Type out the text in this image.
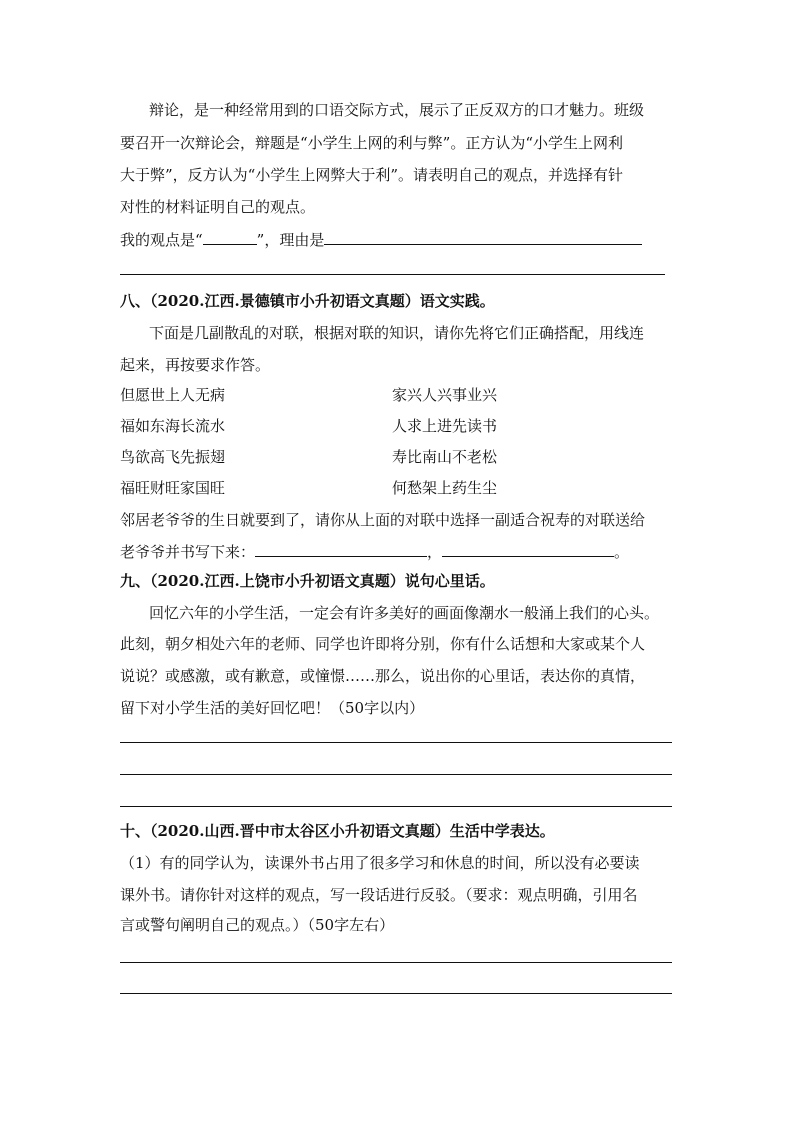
辩论，是一种经常用到的口语交际方式，展示了正反双方的口才魅力。班级
要召开一次辩论会，辩题是“小学生上网的利与弊”。正方认为“小学生上网利
大于弊”，反方认为“小学生上网弊大于利”。请表明自己的观点，并选择有针
对性的材料证明自己的观点。
我的观点是“	”，理由是
八、（2020.江西.景德镇市小升初语文真题）语文实践。
下面是几副散乱的对联，根据对联的知识，请你先将它们正确搭配，用线连
起来，再按要求作答。
但愿世上人无病	家兴人兴事业兴
福如东海长流水	人求上进先读书
鸟欲高飞先振翅	寿比南山不老松
福旺财旺家国旺	何愁架上药生尘
邻居老爷爷的生日就要到了，请你从上面的对联中选择一副适合祝寿的对联送给
老爷爷并书写下来：	，	。
九、（2020.江西.上饶市小升初语文真题）说句心里话。
回忆六年的小学生活，一定会有许多美好的画面像潮水一般涌上我们的心头。
此刻，朝夕相处六年的老师、同学也许即将分别，你有什么话想和大家或某个人
说说？或感激，或有歉意，或憧憬……那么，说出你的心里话，表达你的真情，
留下对小学生活的美好回忆吧！（50字以内）
十、（2020.山西.晋中市太谷区小升初语文真题）生活中学表达。
（1）有的同学认为，读课外书占用了很多学习和休息的时间，所以没有必要读
课外书。请你针对这样的观点，写一段话进行反驳。（要求：观点明确，引用名
言或警句阐明自己的观点。）（50字左右）
